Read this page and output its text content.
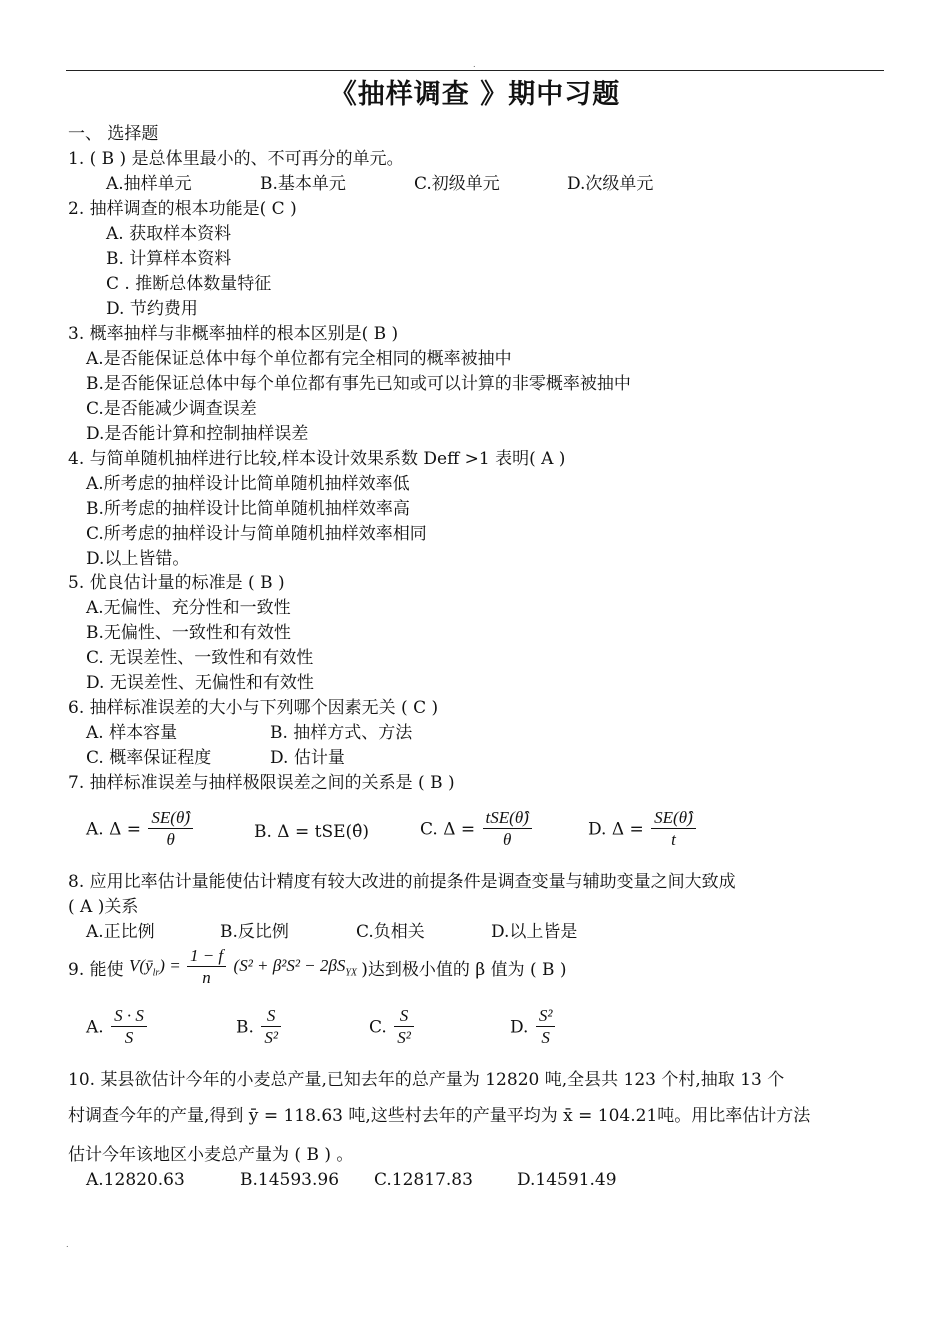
.
《抽样调查 》期中习题
一、 选择题
1. ( B ) 是总体里最小的、不可再分的单元。
A.抽样单元	B.基本单元	C.初级单元	D.次级单元
2. 抽样调查的根本功能是( C )
A. 获取样本资料
B. 计算样本资料
C . 推断总体数量特征
D. 节约费用
3. 概率抽样与非概率抽样的根本区别是( B )
A.是否能保证总体中每个单位都有完全相同的概率被抽中
B.是否能保证总体中每个单位都有事先已知或可以计算的非零概率被抽中
C.是否能减少调查误差
D.是否能计算和控制抽样误差
4. 与简单随机抽样进行比较,样本设计效果系数 Deff >1 表明( A )
A.所考虑的抽样设计比简单随机抽样效率低
B.所考虑的抽样设计比简单随机抽样效率高
C.所考虑的抽样设计与简单随机抽样效率相同
D.以上皆错。
5. 优良估计量的标准是 ( B )
A.无偏性、充分性和一致性
B.无偏性、一致性和有效性
C. 无误差性、一致性和有效性
D. 无误差性、无偏性和有效性
6. 抽样标准误差的大小与下列哪个因素无关 ( C )
A. 样本容量	B. 抽样方式、方法
C. 概率保证程度	D. 估计量
7. 抽样标准误差与抽样极限误差之间的关系是 ( B )
A. $\Delta = \frac{SE(\thetâ)}{\theta}$	B. Δ = tSE(θ̂)	C. $\Delta = \frac{\text{tSE(θ̂)}}{\theta}$	D. $\Delta = \frac{SE(\thetâ)}{t}$
8. 应用比率估计量能使估计精度有较大改进的前提条件是调查变量与辅助变量之间大致成
( A )关系
A.正比例	B.反比例	C.负相关	D.以上皆是
9. 能使 $V(ȳ_{lr}) = \frac{1 - f}{n} (S^2 + \beta^2S^2 - 2\beta S_{YX}$ )达到极小值的 β 值为 ( B )
A. $\frac{S \cdot S}{S}$	B. $\frac{S}{\text{S²}}$	C. $\frac{S}{\text{S²}}$	D. $\frac{\text{S²}}{S}$
10. 某县欲估计今年的小麦总产量,已知去年的总产量为 12820 吨,全县共 123 个村,抽取 13 个
村调查今年的产量,得到 ȳ = 118.63 吨,这些村去年的产量平均为 x̄ = 104.21吨。用比率估计方法
估计今年该地区小麦总产量为 ( B ) 。
A.12820.63	B.14593.96 C.12817.83	D.14591.49
.
